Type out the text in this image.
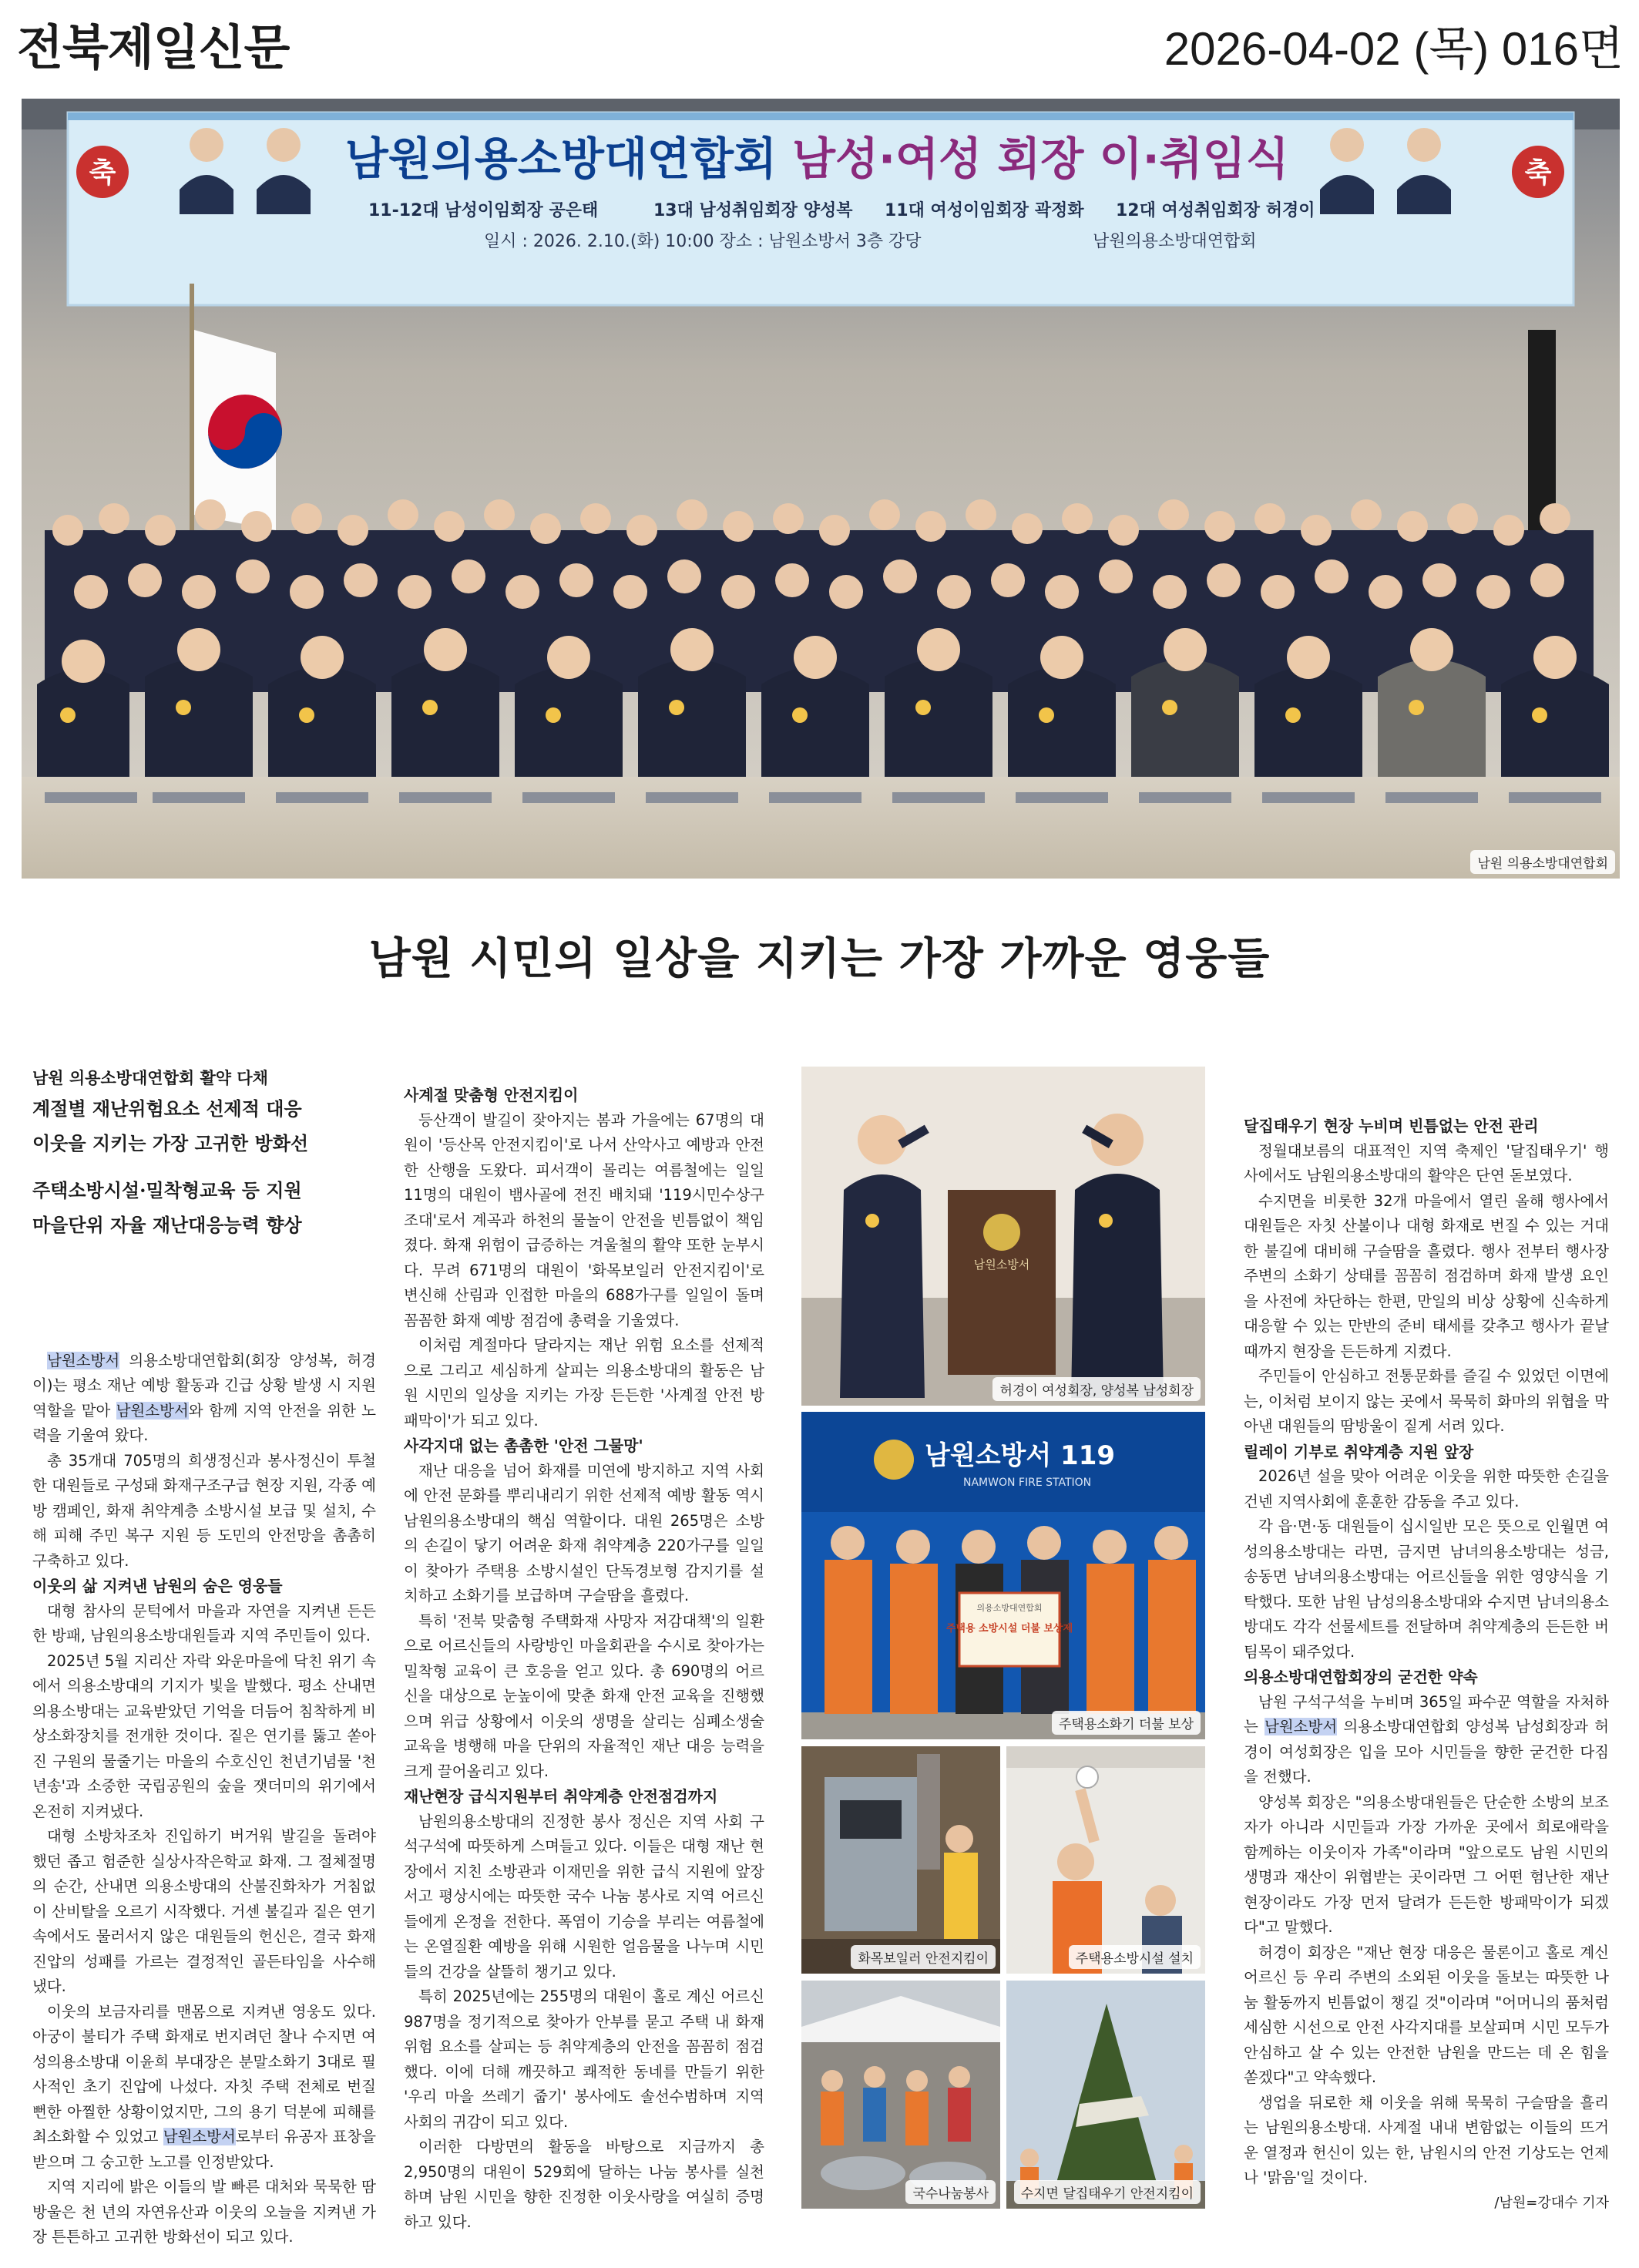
전북제일신문	2026-04-02 (목) 016면
축	축
남원의용소방대연합회 남성·여성 회장 이·취임식
11-12대 남성이임회장 공은태	13대 남성취임회장 양성복 11대 여성이임회장 곽정화 12대 여성취임회장 허경이
일시 : 2026. 2.10.(화) 10:00 장소 : 남원소방서 3층 강당	남원의용소방대연합회
남원 의용소방대연합회
남원 시민의 일상을 지키는 가장 가까운 영웅들

남원 의용소방대연합회 활약 다채

계절별 재난위험요소 선제적 대응

이웃을 지키는 가장 고귀한 방화선

주택소방시설·밀착형교육 등 지원

마을단위 자율 재난대응능력 향상

남원소방서 의용소방대연합회(회장 양성복, 허경이)는 평소 재난 예방 활동과 긴급 상황 발생 시 지원 역할을 맡아 남원소방서와 함께 지역 안전을 위한 노력을 기울여 왔다.

총 35개대 705명의 희생정신과 봉사정신이 투철한 대원들로 구성돼 화재구조구급 현장 지원, 각종 예방 캠페인, 화재 취약계층 소방시설 보급 및 설치, 수해 피해 주민 복구 지원 등 도민의 안전망을 촘촘히 구축하고 있다.

이웃의 삶 지켜낸 남원의 숨은 영웅들

대형 참사의 문턱에서 마을과 자연을 지켜낸 든든한 방패, 남원의용소방대원들과 지역 주민들이 있다.

2025년 5월 지리산 자락 와운마을에 닥친 위기 속에서 의용소방대의 기지가 빛을 발했다. 평소 산내면 의용소방대는 교육받았던 기억을 더듬어 침착하게 비상소화장치를 전개한 것이다. 짙은 연기를 뚫고 쏟아진 구원의 물줄기는 마을의 수호신인 천년기념물 '천년송'과 소중한 국립공원의 숲을 잿더미의 위기에서 온전히 지켜냈다.

대형 소방차조차 진입하기 버거워 발길을 돌려야 했던 좁고 험준한 실상사작은학교 화재. 그 절체절명의 순간, 산내면 의용소방대의 산불진화차가 거침없이 산비탈을 오르기 시작했다. 거센 불길과 짙은 연기 속에서도 물러서지 않은 대원들의 헌신은, 결국 화재 진압의 성패를 가르는 결정적인 골든타임을 사수해 냈다.

이웃의 보금자리를 맨몸으로 지켜낸 영웅도 있다. 아궁이 불티가 주택 화재로 번지려던 찰나 수지면 여성의용소방대 이윤희 부대장은 분말소화기 3대로 필사적인 초기 진압에 나섰다. 자칫 주택 전체로 번질 뻔한 아찔한 상황이었지만, 그의 용기 덕분에 피해를 최소화할 수 있었고 남원소방서로부터 유공자 표창을 받으며 그 숭고한 노고를 인정받았다.

지역 지리에 밝은 이들의 발 빠른 대처와 묵묵한 땀방울은 천 년의 자연유산과 이웃의 오늘을 지켜낸 가장 튼튼하고 고귀한 방화선이 되고 있다.

사계절 맞춤형 안전지킴이

등산객이 발길이 잦아지는 봄과 가을에는 67명의 대원이 '등산목 안전지킴이'로 나서 산악사고 예방과 안전한 산행을 도왔다. 피서객이 몰리는 여름철에는 일일 11명의 대원이 뱀사골에 전진 배치돼 '119시민수상구조대'로서 계곡과 하천의 물놀이 안전을 빈틈없이 책임졌다. 화재 위험이 급증하는 겨울철의 활약 또한 눈부시다. 무려 671명의 대원이 '화목보일러 안전지킴이'로 변신해 산림과 인접한 마을의 688가구를 일일이 돌며 꼼꼼한 화재 예방 점검에 총력을 기울였다.

이처럼 계절마다 달라지는 재난 위험 요소를 선제적으로 그리고 세심하게 살피는 의용소방대의 활동은 남원 시민의 일상을 지키는 가장 든든한 '사계절 안전 방패막이'가 되고 있다.

사각지대 없는 촘촘한 '안전 그물망'

재난 대응을 넘어 화재를 미연에 방지하고 지역 사회에 안전 문화를 뿌리내리기 위한 선제적 예방 활동 역시 남원의용소방대의 핵심 역할이다. 대원 265명은 소방의 손길이 닿기 어려운 화재 취약계층 220가구를 일일이 찾아가 주택용 소방시설인 단독경보형 감지기를 설치하고 소화기를 보급하며 구슬땀을 흘렸다.

특히 '전북 맞춤형 주택화재 사망자 저감대책'의 일환으로 어르신들의 사랑방인 마을회관을 수시로 찾아가는 밀착형 교육이 큰 호응을 얻고 있다. 총 690명의 어르신을 대상으로 눈높이에 맞춘 화재 안전 교육을 진행했으며 위급 상황에서 이웃의 생명을 살리는 심폐소생술 교육을 병행해 마을 단위의 자율적인 재난 대응 능력을 크게 끌어올리고 있다.

재난현장 급식지원부터 취약계층 안전점검까지

남원의용소방대의 진정한 봉사 정신은 지역 사회 구석구석에 따뜻하게 스며들고 있다. 이들은 대형 재난 현장에서 지친 소방관과 이재민을 위한 급식 지원에 앞장서고 평상시에는 따뜻한 국수 나눔 봉사로 지역 어르신들에게 온정을 전한다. 폭염이 기승을 부리는 여름철에는 온열질환 예방을 위해 시원한 얼음물을 나누며 시민들의 건강을 살뜰히 챙기고 있다.

특히 2025년에는 255명의 대원이 홀로 계신 어르신 987명을 정기적으로 찾아가 안부를 묻고 주택 내 화재 위험 요소를 살피는 등 취약계층의 안전을 꼼꼼히 점검했다. 이에 더해 깨끗하고 쾌적한 동네를 만들기 위한 '우리 마을 쓰레기 줍기' 봉사에도 솔선수범하며 지역 사회의 귀감이 되고 있다.

이러한 다방면의 활동을 바탕으로 지금까지 총 2,950명의 대원이 529회에 달하는 나눔 봉사를 실천하며 남원 시민을 향한 진정한 이웃사랑을 여실히 증명하고 있다.

남원소방서
허경이 여성회장, 양성복 남성회장
남원소방서 119
NAMWON FIRE STATION
의용소방대연합회
주택용 소방시설 더불 보상제
주택용소화기 더불 보상
화목보일러 안전지킴이	주택용소방시설 설치
국수나눔봉사	수지면 달집태우기 안전지킴이

달집태우기 현장 누비며 빈틈없는 안전 관리

정월대보름의 대표적인 지역 축제인 '달집태우기' 행사에서도 남원의용소방대의 활약은 단연 돋보였다.

수지면을 비롯한 32개 마을에서 열린 올해 행사에서 대원들은 자칫 산불이나 대형 화재로 번질 수 있는 거대한 불길에 대비해 구슬땀을 흘렸다. 행사 전부터 행사장 주변의 소화기 상태를 꼼꼼히 점검하며 화재 발생 요인을 사전에 차단하는 한편, 만일의 비상 상황에 신속하게 대응할 수 있는 만반의 준비 태세를 갖추고 행사가 끝날 때까지 현장을 든든하게 지켰다.

주민들이 안심하고 전통문화를 즐길 수 있었던 이면에는, 이처럼 보이지 않는 곳에서 묵묵히 화마의 위협을 막아낸 대원들의 땀방울이 짙게 서려 있다.

릴레이 기부로 취약계층 지원 앞장

2026년 설을 맞아 어려운 이웃을 위한 따뜻한 손길을 건넨 지역사회에 훈훈한 감동을 주고 있다.

각 읍·면·동 대원들이 십시일반 모은 뜻으로 인월면 여성의용소방대는 라면, 금지면 남녀의용소방대는 성금, 송동면 남녀의용소방대는 어르신들을 위한 영양식을 기탁했다. 또한 남원 남성의용소방대와 수지면 남녀의용소방대도 각각 선물세트를 전달하며 취약계층의 든든한 버팀목이 돼주었다.

의용소방대연합회장의 굳건한 약속

남원 구석구석을 누비며 365일 파수꾼 역할을 자처하는 남원소방서 의용소방대연합회 양성복 남성회장과 허경이 여성회장은 입을 모아 시민들을 향한 굳건한 다짐을 전했다.

양성복 회장은 "의용소방대원들은 단순한 소방의 보조자가 아니라 시민들과 가장 가까운 곳에서 희로애락을 함께하는 이웃이자 가족"이라며 "앞으로도 남원 시민의 생명과 재산이 위협받는 곳이라면 그 어떤 험난한 재난 현장이라도 가장 먼저 달려가 든든한 방패막이가 되겠다"고 말했다.

허경이 회장은 "재난 현장 대응은 물론이고 홀로 계신 어르신 등 우리 주변의 소외된 이웃을 돌보는 따뜻한 나눔 활동까지 빈틈없이 챙길 것"이라며 "어머니의 품처럼 세심한 시선으로 안전 사각지대를 보살피며 시민 모두가 안심하고 살 수 있는 안전한 남원을 만드는 데 온 힘을 쏟겠다"고 약속했다.

생업을 뒤로한 채 이웃을 위해 묵묵히 구슬땀을 흘리는 남원의용소방대. 사계절 내내 변함없는 이들의 뜨거운 열정과 헌신이 있는 한, 남원시의 안전 기상도는 언제나 '맑음'일 것이다.

/남원=강대수 기자
